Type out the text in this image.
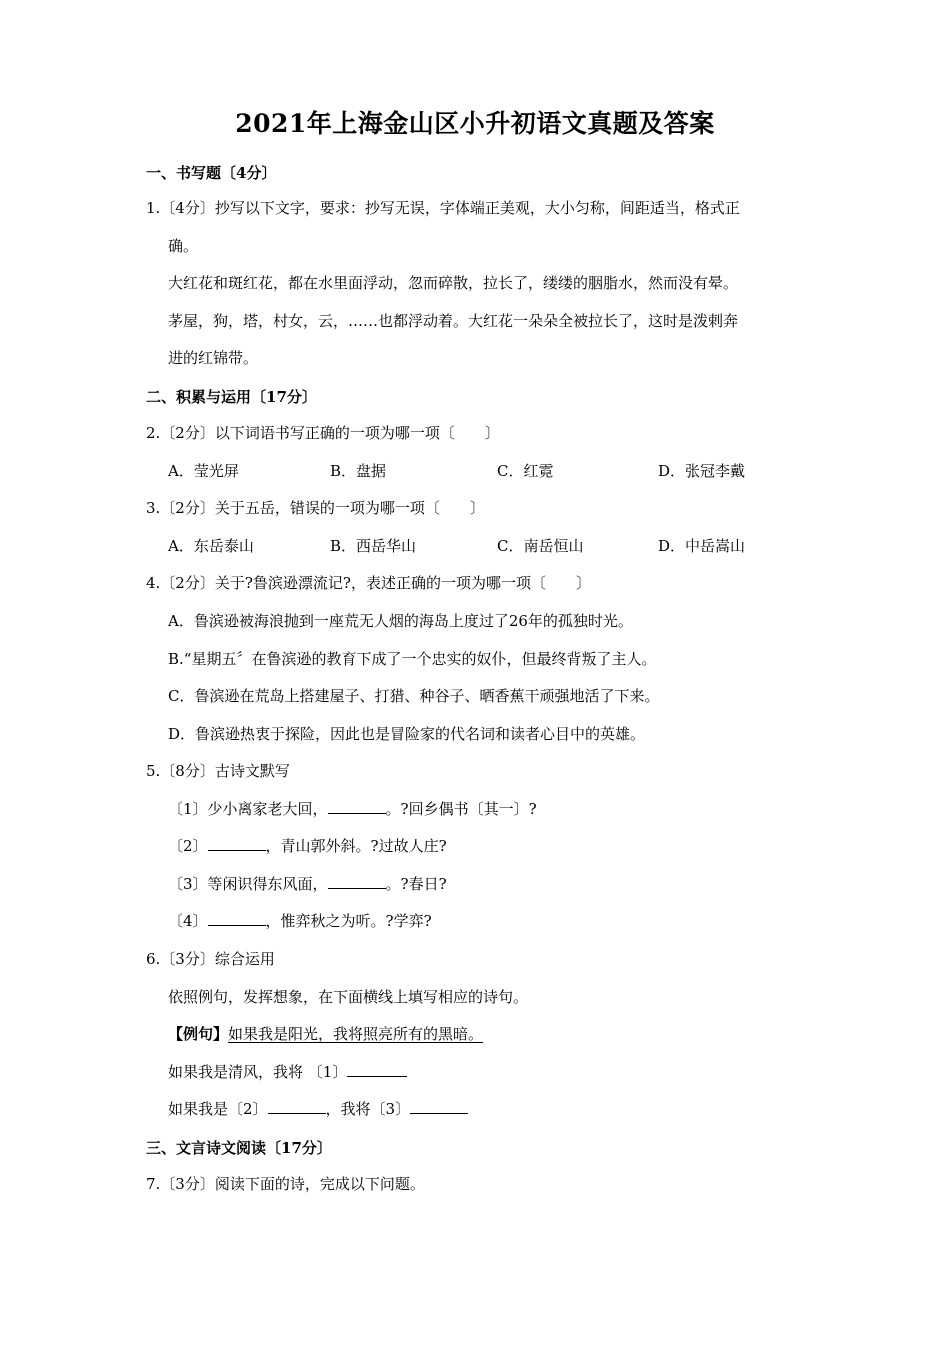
2021年上海金山区小升初语文真题及答案
一、书写题〔4分〕
1.〔4分〕抄写以下文字，要求：抄写无误，字体端正美观，大小匀称，间距适当，格式正
确。
大红花和斑红花，都在水里面浮动，忽而碎散，拉长了，缕缕的胭脂水，然而没有晕。
茅屋，狗，塔，村女，云，……也都浮动着。大红花一朵朵全被拉长了，这时是泼剌奔
进的红锦带。
二、积累与运用〔17分〕
2.〔2分〕以下词语书写正确的一项为哪一项〔　　〕
A．莹光屏	B．盘据	C．红霓	D．张冠李戴
3.〔2分〕关于五岳，错误的一项为哪一项〔　　〕
A．东岳泰山	B．西岳华山	C．南岳恒山	D．中岳嵩山
4.〔2分〕关于?鲁滨逊漂流记?，表述正确的一项为哪一项〔　　〕
A．鲁滨逊被海浪抛到一座荒无人烟的海岛上度过了26年的孤独时光。
B.“星期五〞在鲁滨逊的教育下成了一个忠实的奴仆，但最终背叛了主人。
C．鲁滨逊在荒岛上搭建屋子、打猎、种谷子、晒香蕉干顽强地活了下来。
D．鲁滨逊热衷于探险，因此也是冒险家的代名词和读者心目中的英雄。
5.〔8分〕古诗文默写
〔1〕少小离家老大回，	。?回乡偶书〔其一〕?
〔2〕	，青山郭外斜。?过故人庄?
〔3〕等闲识得东风面，	。?春日?
〔4〕	，惟弈秋之为听。?学弈?
6.〔3分〕综合运用
依照例句，发挥想象，在下面横线上填写相应的诗句。
【例句】如果我是阳光，我将照亮所有的黑暗。
如果我是清风，我将 〔1〕
如果我是〔2〕	，我将〔3〕
三、文言诗文阅读〔17分〕
7.〔3分〕阅读下面的诗，完成以下问题。
